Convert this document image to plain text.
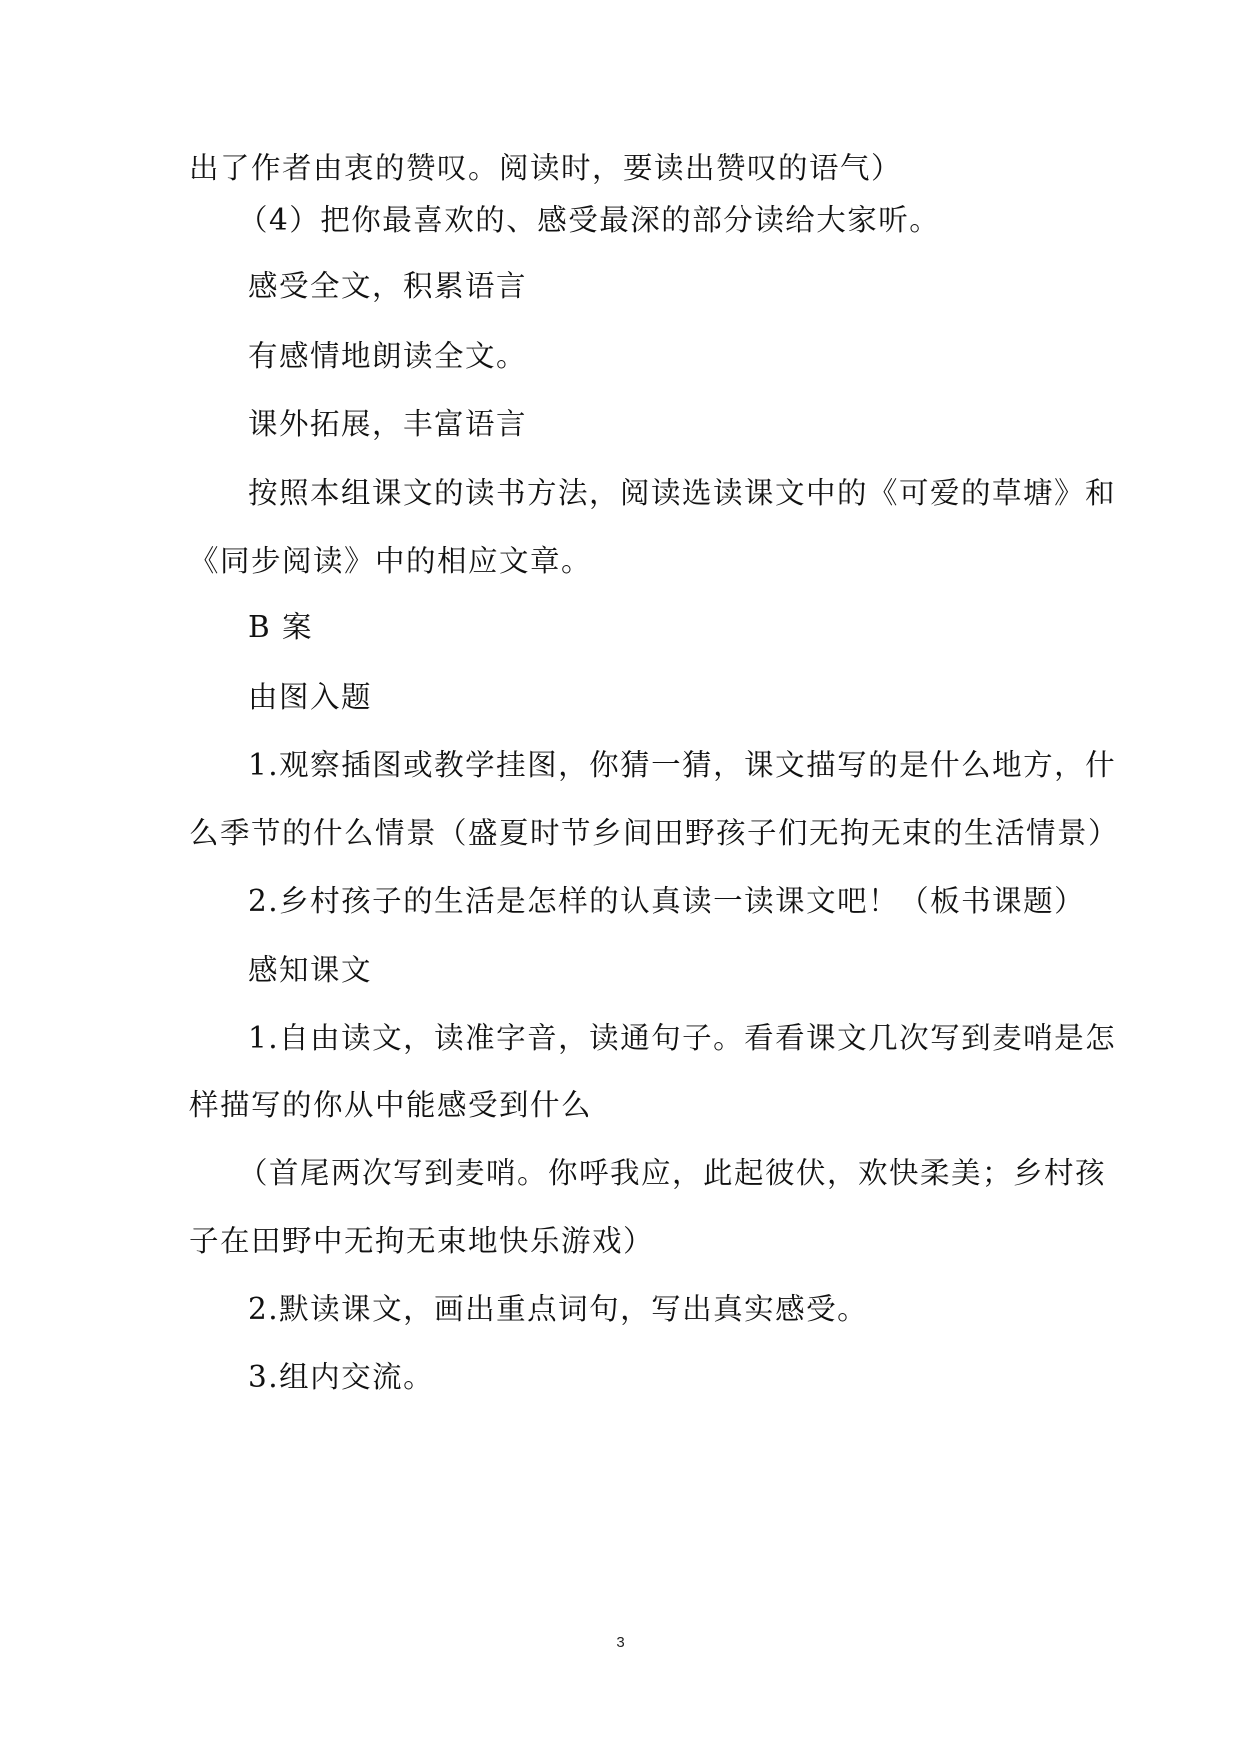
出了作者由衷的赞叹。阅读时，要读出赞叹的语气）
（4）把你最喜欢的、感受最深的部分读给大家听。
感受全文，积累语言
有感情地朗读全文。
课外拓展，丰富语言
按照本组课文的读书方法，阅读选读课文中的《可爱的草塘》和
《同步阅读》中的相应文章。
B 案
由图入题
1.观察插图或教学挂图，你猜一猜，课文描写的是什么地方，什
么季节的什么情景（盛夏时节乡间田野孩子们无拘无束的生活情景）
2.乡村孩子的生活是怎样的认真读一读课文吧！（板书课题）
感知课文
1.自由读文，读准字音，读通句子。看看课文几次写到麦哨是怎
样描写的你从中能感受到什么
（首尾两次写到麦哨。你呼我应，此起彼伏，欢快柔美；乡村孩
子在田野中无拘无束地快乐游戏）
2.默读课文，画出重点词句，写出真实感受。
3.组内交流。
3
